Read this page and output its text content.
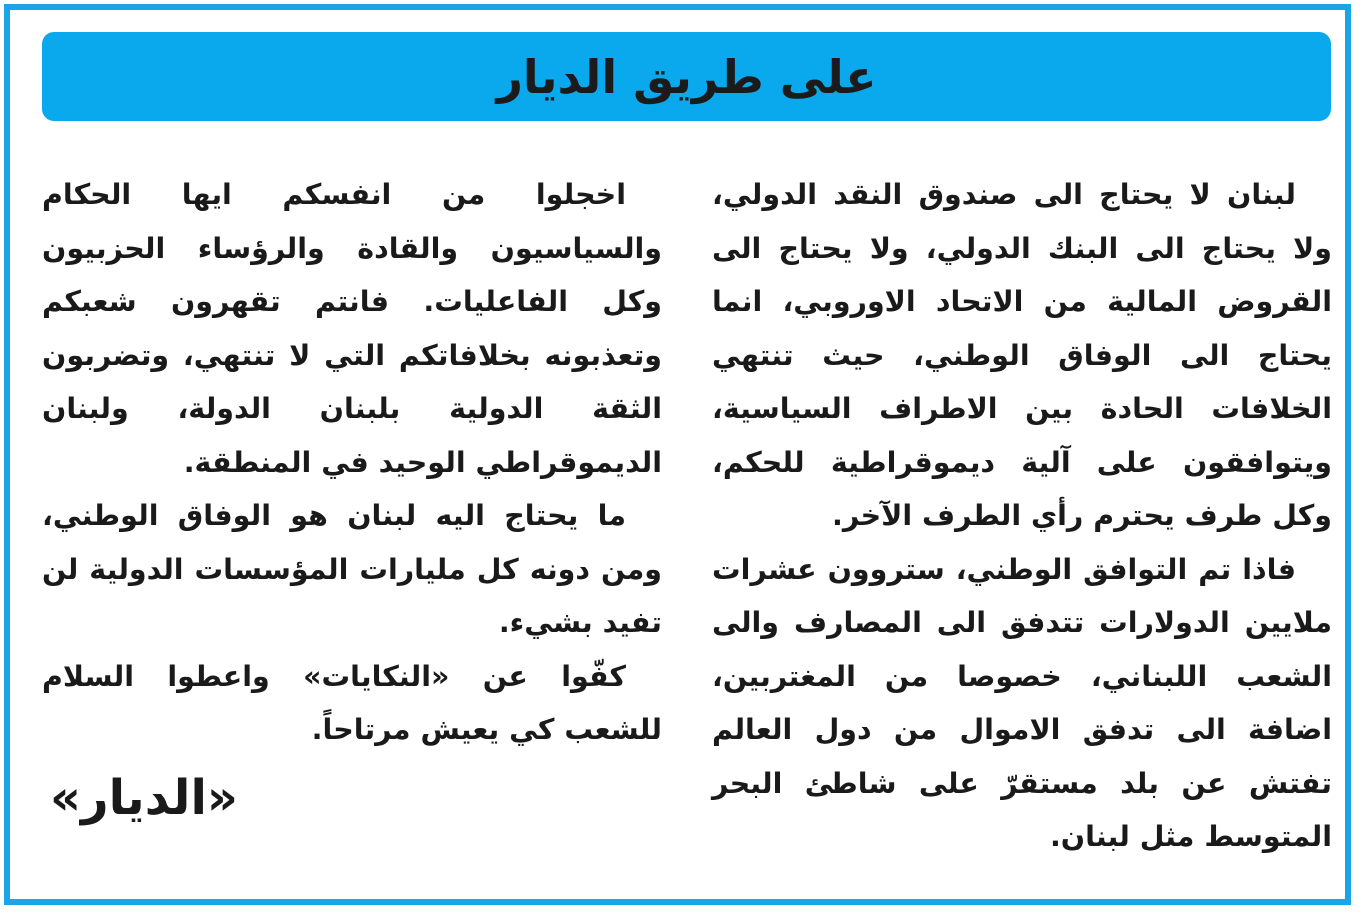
على طريق الديار

لبنان لا يحتاج الى صندوق النقد الدولي، ولا يحتاج الى البنك الدولي، ولا يحتاج الى القروض المالية من الاتحاد الاوروبي، انما يحتاج الى الوفاق الوطني، حيث تنتهي الخلافات الحادة بين الاطراف السياسية، ويتوافقون على آلية ديموقراطية للحكم، وكل طرف يحترم رأي الطرف الآخر.

فاذا تم التوافق الوطني، ستروون عشرات ملايين الدولارات تتدفق الى المصارف والى الشعب اللبناني، خصوصا من المغتربين، اضافة الى تدفق الاموال من دول العالم تفتش عن بلد مستقرّ على شاطئ البحر المتوسط مثل لبنان.

اخجلوا من انفسكم ايها الحكام والسياسيون والقادة والرؤساء الحزبيون وكل الفاعليات. فانتم تقهرون شعبكم وتعذبونه بخلافاتكم التي لا تنتهي، وتضربون الثقة الدولية بلبنان الدولة، ولبنان الديموقراطي الوحيد في المنطقة.

ما يحتاج اليه لبنان هو الوفاق الوطني، ومن دونه كل مليارات المؤسسات الدولية لن تفيد بشيء.

كفّوا عن «النكايات» واعطوا السلام للشعب كي يعيش مرتاحاً.

«الديار»
